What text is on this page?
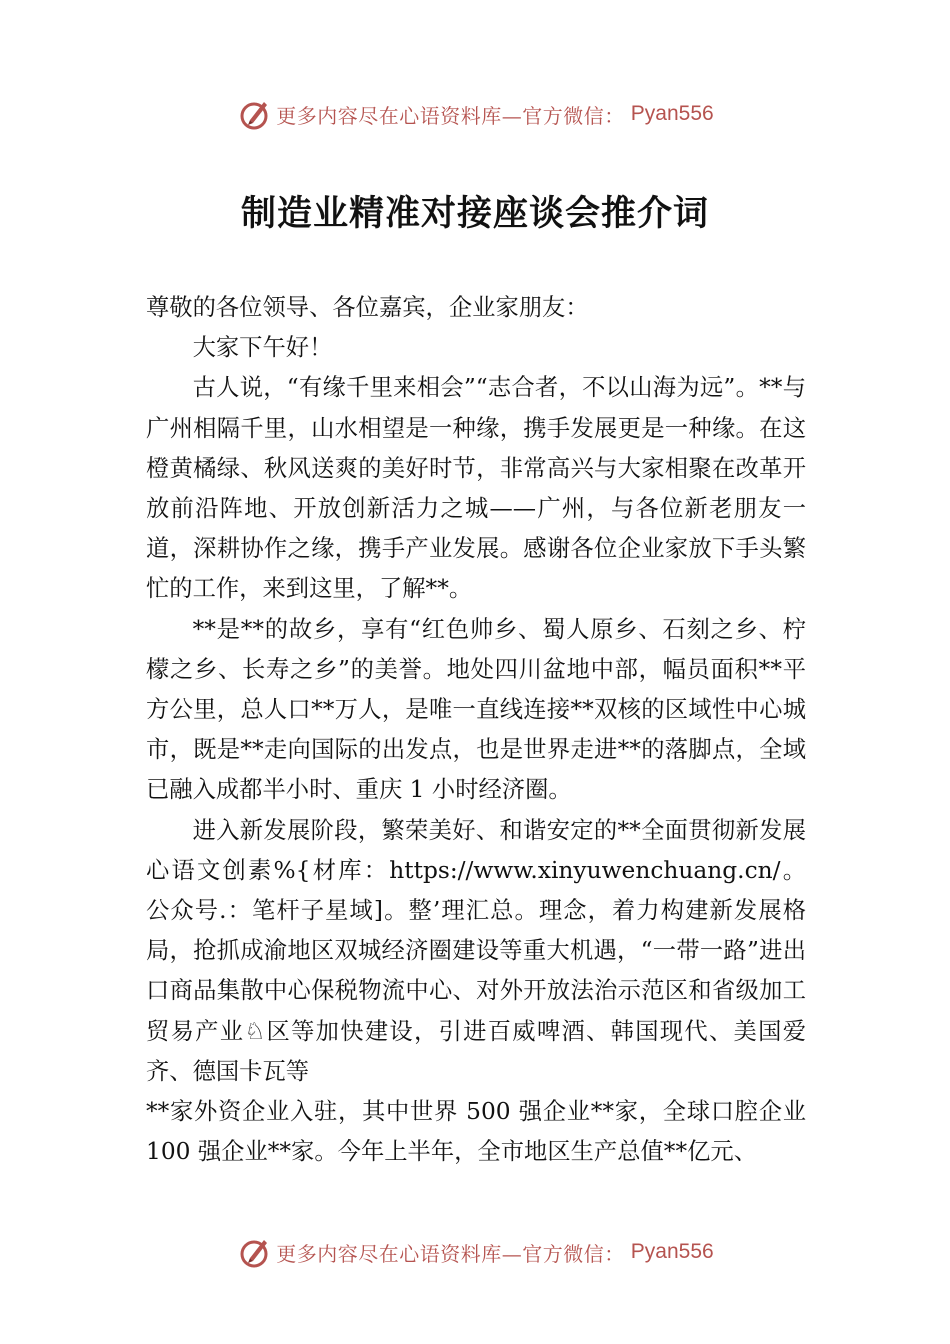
更多内容尽在心语资料库—官方微信： Pyan556
制造业精准对接座谈会推介词

尊敬的各位领导、各位嘉宾，企业家朋友：

大家下午好！

古人说，“有缘千里来相会”“志合者，不以山海为远”。**与广州相隔千里，山水相望是一种缘，携手发展更是一种缘。在这橙黄橘绿、秋风送爽的美好时节，非常高兴与大家相聚在改革开放前沿阵地、开放创新活力之城——广州，与各位新老朋友一道，深耕协作之缘，携手产业发展。感谢各位企业家放下手头繁忙的工作，来到这里，了解**。

**是**的故乡，享有“红色帅乡、蜀人原乡、石刻之乡、柠檬之乡、长寿之乡”的美誉。地处四川盆地中部，幅员面积**平方公里，总人口**万人，是唯一直线连接**双核的区域性中心城市，既是**走向国际的出发点，也是世界走进**的落脚点，全域已融入成都半小时、重庆 1 小时经济圈。

进入新发展阶段，繁荣美好、和谐安定的**全面贯彻新发展心语文创素%{材库：https://www.xinyuwenchuang.cn/。公众号.：笔杆子星域]。整’理汇总。理念，着力构建新发展格局，抢抓成渝地区双城经济圈建设等重大机遇，“一带一路”进出口商品集散中心保税物流中心、对外开放法治示范区和省级加工贸易产业♘区等加快建设，引进百威啤酒、韩国现代、美国爱齐、德国卡瓦等

**家外资企业入驻，其中世界 500 强企业**家，全球口腔企业 100 强企业**家。今年上半年，全市地区生产总值**亿元、

更多内容尽在心语资料库—官方微信： Pyan556
